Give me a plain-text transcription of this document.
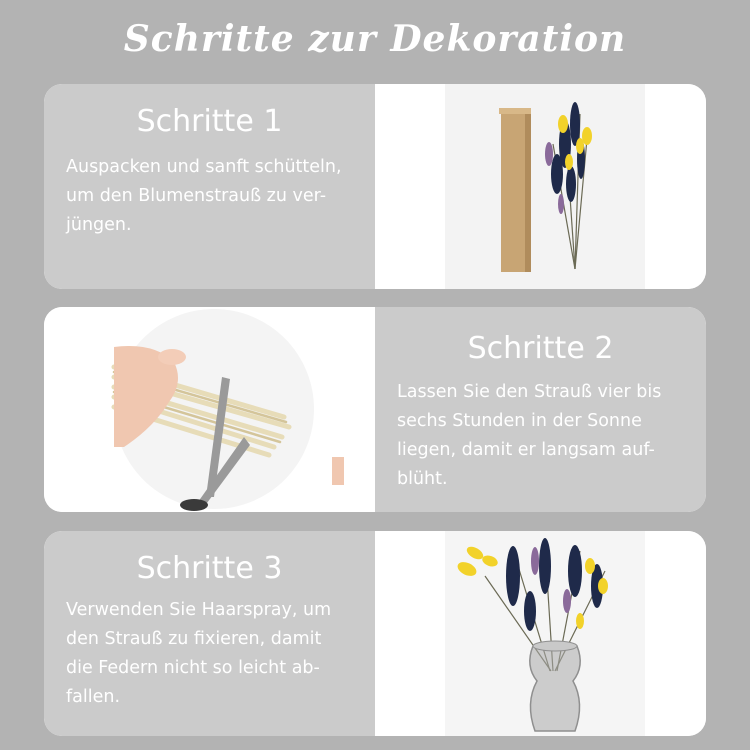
Schritte zur Dekoration
Schritte 1
Auspacken und sanft schütteln,
um den Blumenstrauß zu ver-
jüngen.
Schritte 2
Lassen Sie den Strauß vier bis
sechs Stunden in der Sonne
liegen, damit er langsam auf-
blüht.
Schritte 3
Verwenden Sie Haarspray, um
den Strauß zu fixieren, damit
die Federn nicht so leicht ab-
fallen.
